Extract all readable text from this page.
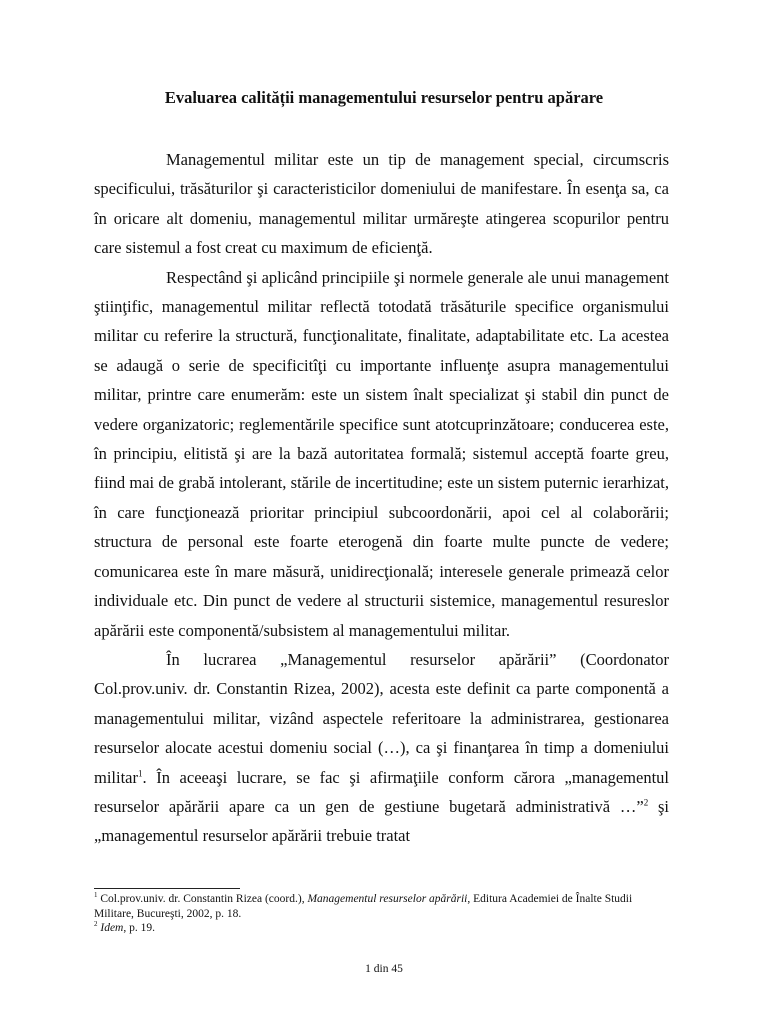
Evaluarea calității managementului resurselor pentru apărare

Managementul militar este un tip de management special, circumscris specificului, trăsăturilor şi caracteristicilor domeniului de manifestare. În esenţa sa, ca în oricare alt domeniu, managementul militar urmăreşte atingerea scopurilor pentru care sistemul a fost creat cu maximum de eficienţă.

Respectând şi aplicând principiile şi normele generale ale unui management ştiinţific, managementul militar reflectă totodată trăsăturile specifice organismului militar cu referire la structură, funcţionalitate, finalitate, adaptabilitate etc. La acestea se adaugă o serie de specificitîţi cu importante influenţe asupra managementului militar, printre care enumerăm: este un sistem înalt specializat şi stabil din punct de vedere organizatoric; reglementările specifice sunt atotcuprinzătoare; conducerea este, în principiu, elitistă şi are la bază autoritatea formală; sistemul acceptă foarte greu, fiind mai de grabă intolerant, stările de incertitudine; este un sistem puternic ierarhizat, în care funcţionează prioritar principiul subcoordonării, apoi cel al colaborării; structura de personal este foarte eterogenă din foarte multe puncte de vedere; comunicarea este în mare măsură, unidirecţională; interesele generale primează celor individuale etc. Din punct de vedere al structurii sistemice, managementul resureslor apărării este componentă/subsistem al managementului militar.

În lucrarea „Managementul resurselor apărării” (Coordonator Col.prov.univ. dr. Constantin Rizea, 2002), acesta este definit ca parte componentă a managementului militar, vizând aspectele referitoare la administrarea, gestionarea resurselor alocate acestui domeniu social (…), ca şi finanţarea în timp a domeniului militar$^1$. În aceeaşi lucrare, se fac şi afirmaţiile conform cărora „managementul resurselor apărării apare ca un gen de gestiune bugetară administrativă …”$^2$ şi „managementul resurselor apărării trebuie tratat

$^1$ Col.prov.univ. dr. Constantin Rizea (coord.), Managementul resurselor apărării, Editura Academiei de Înalte Studii Militare, Bucureşti, 2002, p. 18.

$^2$ Idem, p. 19.

1 din 45
